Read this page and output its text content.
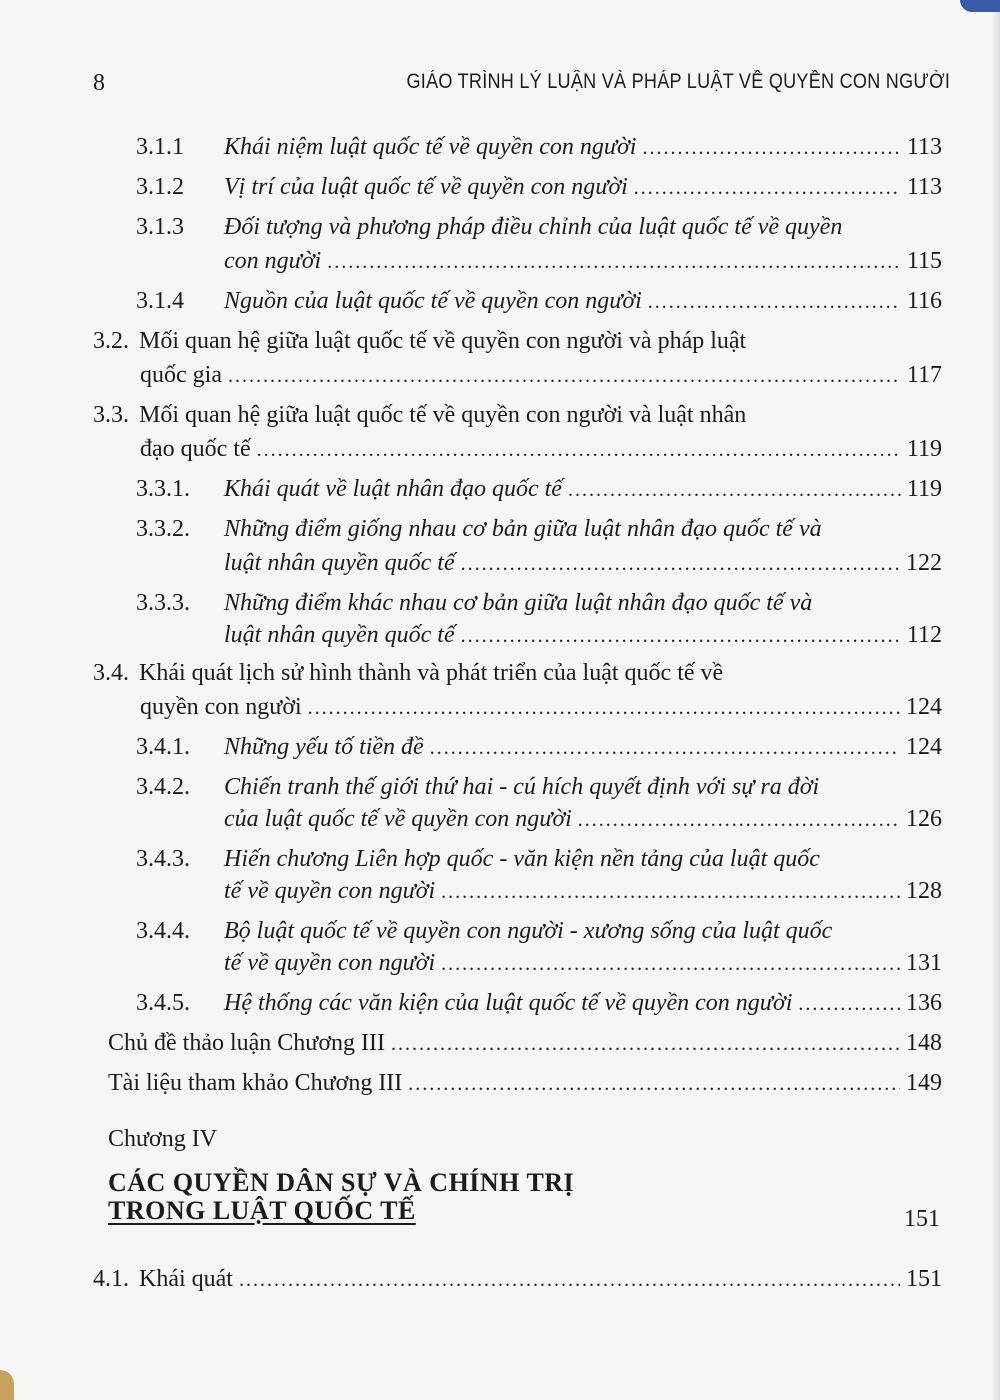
8	GIÁO TRÌNH LÝ LUẬN VÀ PHÁP LUẬT VỀ QUYỀN CON NGƯỜI
3.1.1	Khái niệm luật quốc tế về quyền con người .....	113
3.1.2	Vị trí của luật quốc tế về quyền con người .....	113
3.1.3	Đối tượng và phương pháp điều chỉnh của luật quốc tế về quyền
con người .....	115
3.1.4	Nguồn của luật quốc tế về quyền con người .....	116
3.2. Mối quan hệ giữa luật quốc tế về quyền con người và pháp luật
quốc gia .....	117
3.3. Mối quan hệ giữa luật quốc tế về quyền con người và luật nhân
đạo quốc tế .....	119
3.3.1.	Khái quát về luật nhân đạo quốc tế .....	119
3.3.2.	Những điểm giống nhau cơ bản giữa luật nhân đạo quốc tế và
luật nhân quyền quốc tế .....	122
3.3.3.	Những điểm khác nhau cơ bản giữa luật nhân đạo quốc tế và
luật nhân quyền quốc tế .....	112
3.4. Khái quát lịch sử hình thành và phát triển của luật quốc tế về
quyền con người .....	124
3.4.1.	Những yếu tố tiền đề .....	124
3.4.2.	Chiến tranh thế giới thứ hai - cú hích quyết định với sự ra đời
của luật quốc tế về quyền con người .....	126
3.4.3.	Hiến chương Liên hợp quốc - văn kiện nền tảng của luật quốc
tế về quyền con người .....	128
3.4.4.	Bộ luật quốc tế về quyền con người - xương sống của luật quốc
tế về quyền con người .....	131
3.4.5.	Hệ thống các văn kiện của luật quốc tế về quyền con người .....	136
Chủ đề thảo luận Chương III .....	148
Tài liệu tham khảo Chương III .....	149
Chương IV
CÁC QUYỀN DÂN SỰ VÀ CHÍNH TRỊ
TRONG LUẬT QUỐC TẾ	151
4.1. Khái quát .....	151
